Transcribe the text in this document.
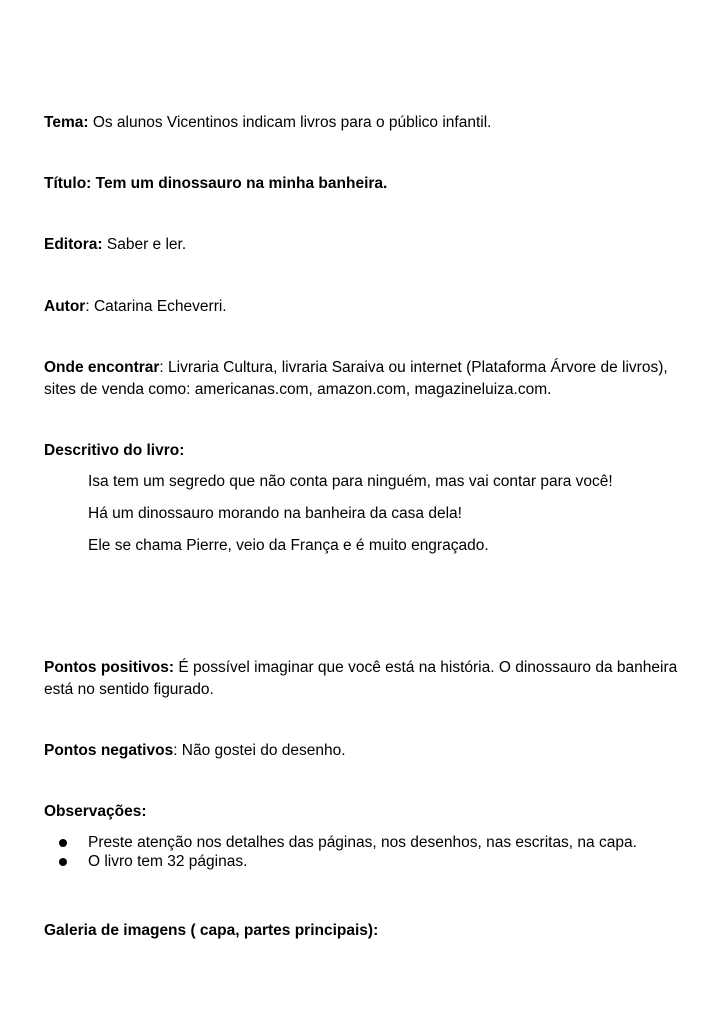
Tema: Os alunos Vicentinos indicam livros para o público infantil.

Título: Tem um dinossauro na minha banheira.

Editora: Saber e ler.

Autor: Catarina Echeverri.

Onde encontrar: Livraria Cultura, livraria Saraiva ou internet (Plataforma Árvore de livros), sites de venda como: americanas.com, amazon.com, magazineluiza.com.

Descritivo do livro:

Isa tem um segredo que não conta para ninguém, mas vai contar para você!

Há um dinossauro morando na banheira da casa dela!

Ele se chama Pierre, veio da França e é muito engraçado.

Pontos positivos: É possível imaginar que você está na história. O dinossauro da banheira está no sentido figurado.

Pontos negativos: Não gostei do desenho.

Observações:

Preste atenção nos detalhes das páginas, nos desenhos, nas escritas, na capa.
O livro tem 32 páginas.

Galeria de imagens ( capa, partes principais):
